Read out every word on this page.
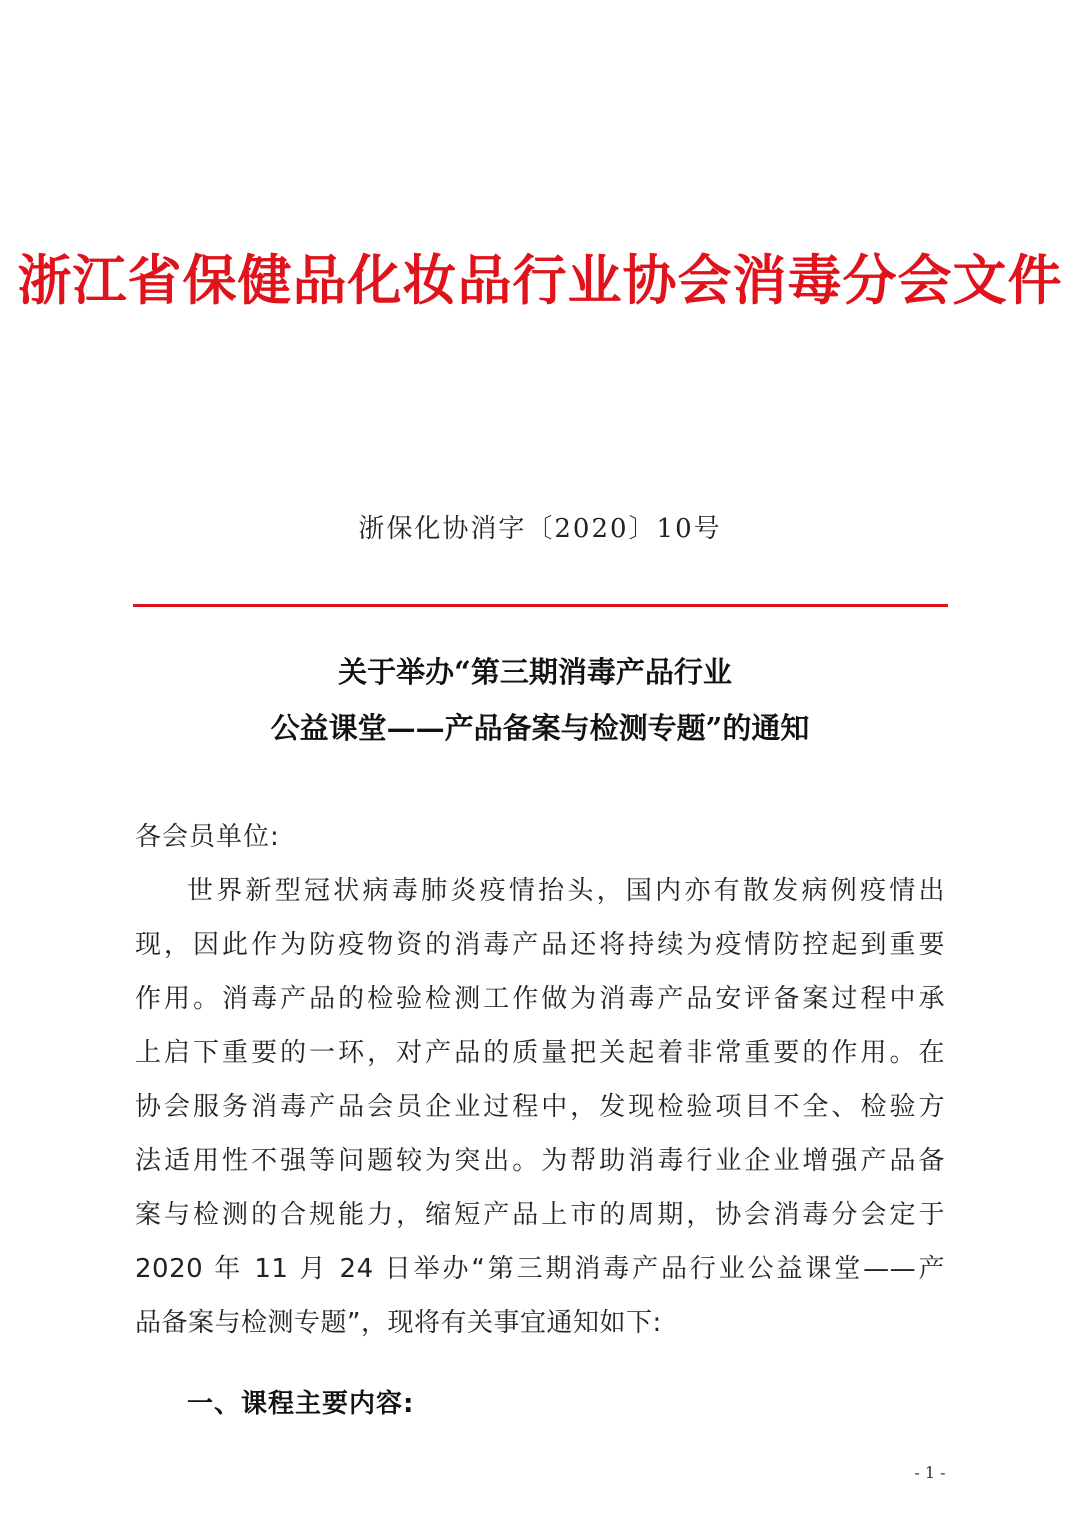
浙江省保健品化妆品行业协会消毒分会文件
浙保化协消字〔2020〕10号
关于举办“第三期消毒产品行业
公益课堂——产品备案与检测专题”的通知
各会员单位:
世界新型冠状病毒肺炎疫情抬头，国内亦有散发病例疫情出
现，因此作为防疫物资的消毒产品还将持续为疫情防控起到重要
作用。消毒产品的检验检测工作做为消毒产品安评备案过程中承
上启下重要的一环，对产品的质量把关起着非常重要的作用。在
协会服务消毒产品会员企业过程中，发现检验项目不全、检验方
法适用性不强等问题较为突出。为帮助消毒行业企业增强产品备
案与检测的合规能力，缩短产品上市的周期，协会消毒分会定于
2020 年 11 月 24 日举办“第三期消毒产品行业公益课堂——产
品备案与检测专题”，现将有关事宜通知如下:
一、课程主要内容:
- 1 -
